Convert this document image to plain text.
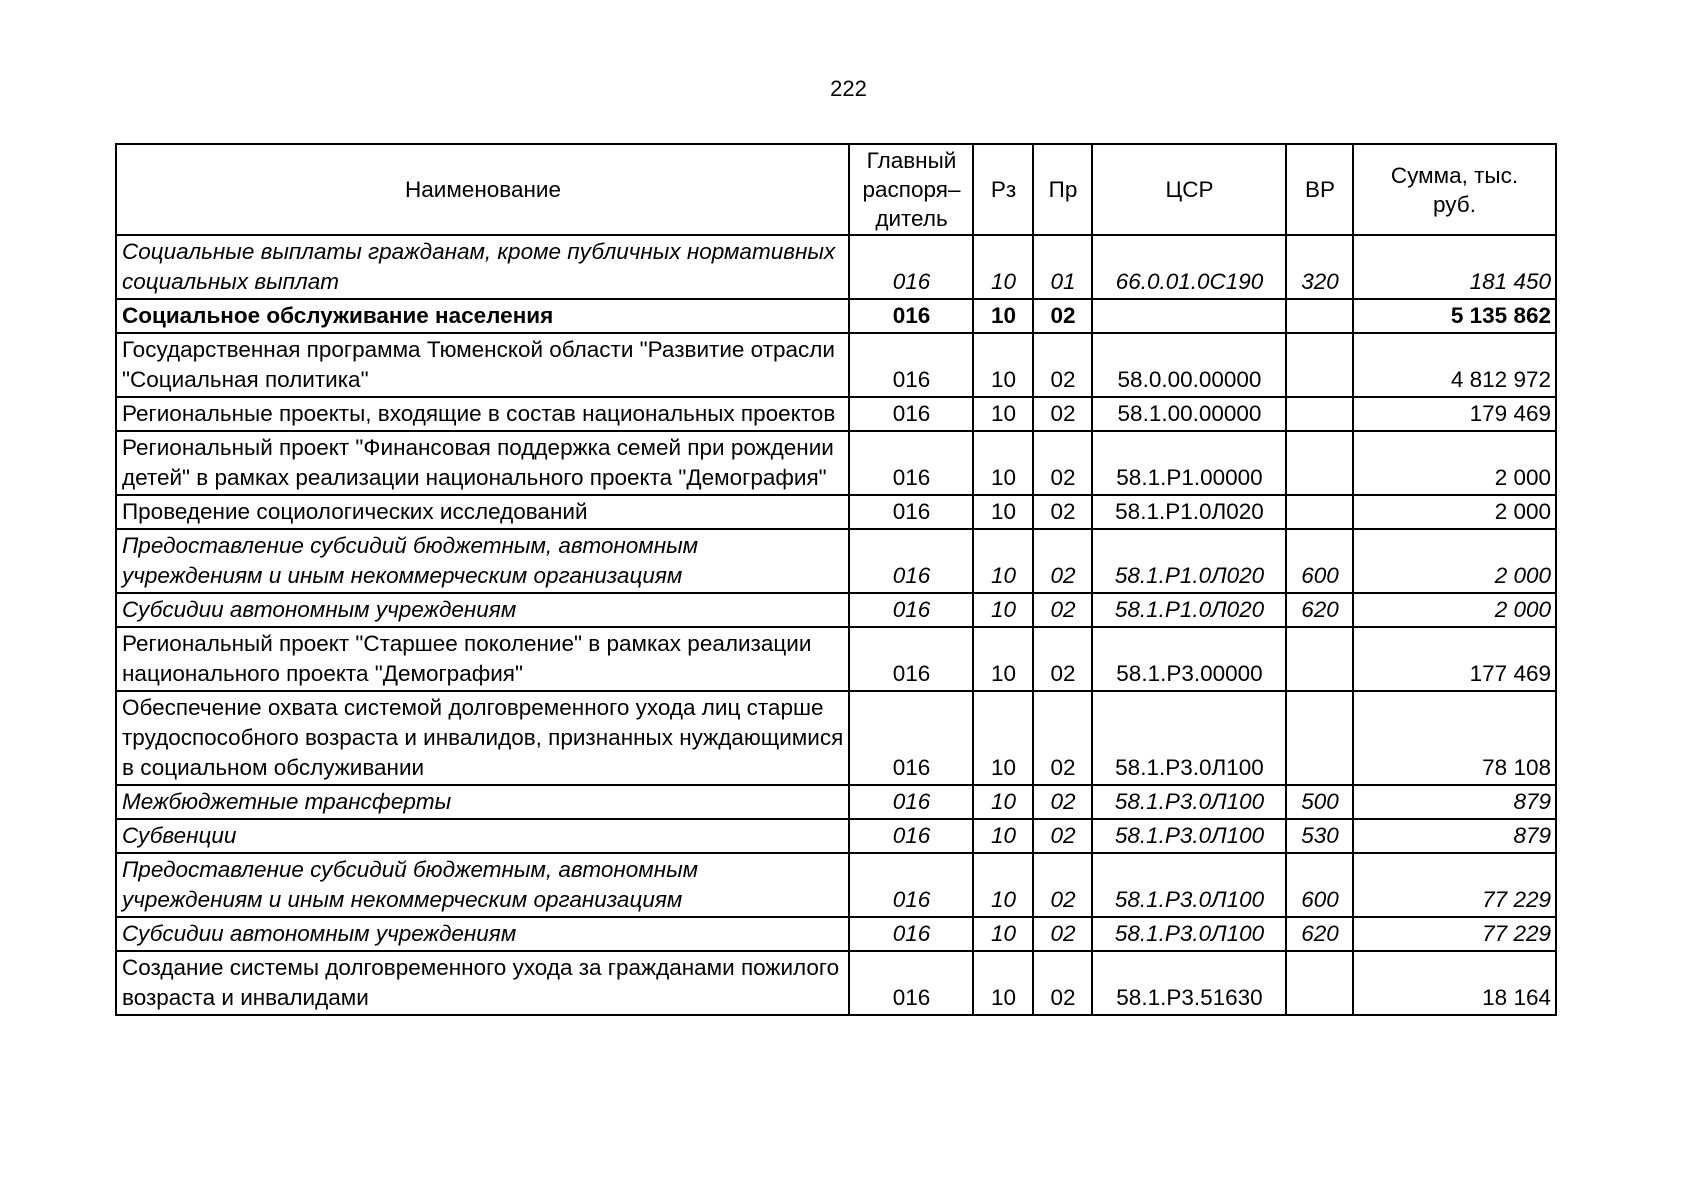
222
Наименование	Главный распоря– дитель	Рз	Пр	ЦСР	ВР	Сумма, тыс. руб.
Социальные выплаты гражданам, кроме публичных нормативных социальных выплат	016	10	01	66.0.01.0С190	320	181 450
Социальное обслуживание населения	016	10	02			5 135 862
Государственная программа Тюменской области "Развитие отрасли "Социальная политика"	016	10	02	58.0.00.00000		4 812 972
Региональные проекты, входящие в состав национальных проектов	016	10	02	58.1.00.00000		179 469
Региональный проект "Финансовая поддержка семей при рождении детей" в рамках реализации национального проекта "Демография"	016	10	02	58.1.Р1.00000		2 000
Проведение социологических исследований	016	10	02	58.1.Р1.0Л020		2 000
Предоставление субсидий бюджетным, автономным учреждениям и иным некоммерческим организациям	016	10	02	58.1.Р1.0Л020	600	2 000
Субсидии автономным учреждениям	016	10	02	58.1.Р1.0Л020	620	2 000
Региональный проект "Старшее поколение" в рамках реализации национального проекта "Демография"	016	10	02	58.1.Р3.00000		177 469
Обеспечение охвата системой долговременного ухода лиц старше трудоспособного возраста и инвалидов, признанных нуждающимися в социальном обслуживании	016	10	02	58.1.Р3.0Л100		78 108
Межбюджетные трансферты	016	10	02	58.1.Р3.0Л100	500	879
Субвенции	016	10	02	58.1.Р3.0Л100	530	879
Предоставление субсидий бюджетным, автономным учреждениям и иным некоммерческим организациям	016	10	02	58.1.Р3.0Л100	600	77 229
Субсидии автономным учреждениям	016	10	02	58.1.Р3.0Л100	620	77 229
Создание системы долговременного ухода за гражданами пожилого возраста и инвалидами	016	10	02	58.1.Р3.51630		18 164
